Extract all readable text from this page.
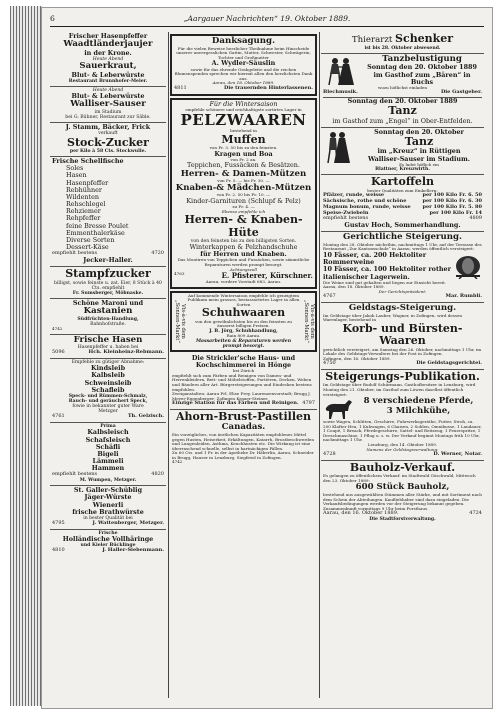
6	„Aargauer Nachrichten“ 19. Oktober 1889.
Frischer Hasenpfeffer
Waadtländerjaujer
in der Krone.
Heute Abend
Sauerkraut,
Blut- & Leberwürste
Restaurant Brunnhofer-Meier.
Heute Abend
Blut- & Leberwürste
Walliser-Sauser
im Stadium
bei G. Bühner, Restaurant zur Säble.
J. Stamm, Bäcker, Frick
verkauft
Stock-Zucker
per Kilo à 58 Cts. Stockwulle.
Frische Schellfische
Soles
Hasen
Hasenpfeffer
Rebhühner
Wildenten
Rehschlegel
Rehziemer
Rehpfeffer
feine Bresse Poulet
Emmenthalerkäse
Diverse Sorten
Dessert-Käse
empfiehlt bestens	4720
Jecker-Haller.
Stampfzucker
billigst, sowie feinste u. zat. Eier, 8 Stück à 40 Cts. empfiehlt
Fr. Sumsberger, Möbnaske.
Schöne Maroni und
Kastanien
Südfrüchten-Handlung,
Bahnhofstraße.
4742
Frische Hasen
Hasenpfeffer u. haben bei
5096	Hch. Kleinheinz-Rebmann.
Empfehle zu gütiger Abnahme:
Kindsleib
Kalbsleib
Schweinsleib
Schafleib
Speck- und Rümmen-Schmalz,
Rauch- und geräuchert Speck,
fowie in bekannter guter Ware
Metzger
4761	Th. Gelzisch.
Prima
Kalbsleisch
Schafsleisch
Schäfli
Bigeli
Lämmeli
Hammen
empfiehlt bestens	4820
M. Wumpen, Metzger.
St. Galler-Schüblig
Jäger-Würste
Wienerli
frische Brathwürste
in bester Qualität bei
4795	J. Wattenberger, Metzger.
Frische
Holländische Vollhäringe
und Kieler Bücklinge
4810	J. Haller-Siebenmann.
Danksagung.
Für die vielen Beweise herzlicher Theilnahme beim Hinscheide unserer unvergesslichen Gattin, Mutter, Schwester, Schwägerin, Tochter und Großmutter
A. Wydler-Säuslin
sowie für das ehrende Grabgeleite und die reichen Blumenspenden sprechen wir hiermit allen den herzlichsten Dank aus.
Aarau, den 18. Oktober 1889.
4811	Die trauernden Hinterlassenen.
Für die Wintersaison
empfehle schönere und reichhaltigste sortirtes Lager in
PELZWAAREN
bestehend in
Muffen
von Fr. 3. 50 bis zu den feinsten.
Kragen und Boa
von Fr. 2 an.
Teppichen, Fussäcken & Besätzen.
Herren- & Damen-Mützen
von Fr. 5. — bis Fr. 30. —
Knaben-& Mädchen-Mützen
von Fr. 2. 50 bis Fr. 10. —
Kinder-Garnituren (Schlupf & Pelz)
zu Fr. 4. —
Ebenso empfehle ich
Herren- & Knaben-Hüte
von den feinsten bis zu den billigsten Sorten.
Winterkappen & Pelzhandschuhe
für Herren und Knaben.
Das Montiren von Teppichen und Fussäcken, sowie sämmtliche Reparaturen werden prompt besorgt.
Achtungsvoll
4763	E. Pfisterer, Kürschner.
Aarau, vordere Vorstadt 683, Aarau.
Vis-à-vis dem „Sonnen-Markt“	Vis-à-vis dem „Sonnen-Markt“
Auf kommende Wintersaison empfehle ich geneigtem Publikum mein grosses, bestassortirtes Lager in allen Sorten
Schuhwaaren
von den gewöhnlichsten bis zu den feinsten zu äusserst billigen Preisen.
J. B. Jörg, Schuhhandlung,
Rain 809 Aarau.
Massarbeiten & Reparaturen werden prompt besorgt.
Die Strickler'sche Haus- und Kochschimmerei in Hönge
bei Zürich
empfiehlt sich zum Färben und Reinigen von Damen- und Herrenkleidern, Bett- und Möbelstoffen, Portièren, Decken, Weben und Bändern aller Art. Bürgersteigerungen und Eindecken bestens empfohlen.
Zweiganstalten: Aarau Frl. Elise Frey, Laurenzenvorstadt; Brugg J. Meyer-Eggenberger; Zofingen Krauer-Steiner.
Einzige Station für das Färben und Reinigen. 4797
Ahorn-Brust-Pastillen
Canadas.
Ein vorzügliches, von ärztlichen Kapazitäten empfohlenes Mittel gegen Husten, Heiserkeit, Erkältungen, Katarrh, Brustbeschwerden und Lungenleiden, Asthma, Keuchhusten etc. Die Wirkung ist eine überraschend schnelle, selbst in hartnäckigen Fällen.
Zu 60 Cts. und 1 Fr. in der Apotheke Dr. Häberlin, Aarau, Schneider in Brugg, Hauser in Lenzburg, Siegfried in Zofingen.
4742
Thierarzt Schenker
ist bis 28. Oktober abwesend.
Tanzbelustigung
Sonntag den 20. Oktober 1889
im Gasthof zum „Bären“ in Buchs
wozu höflichst einladen
Blechmusik.	Die Gastgeber.
Sonntag den 20. Oktober 1889
Tanz
im Gasthof zum „Engel“ in Ober-Entfelden.
Sonntag den 20. Oktober
Tanz
im „Kreuz“ in Rüttigen
Walliser-Sauser im Stadium.
Es ladet höflich ein
Blattner, Kreuzwirth.
Kartoffeln
bester Qualitäten zum Einkellern:
Pfälzer, runde, weisse	per 100 Kilo Fr. 6. 50
Sächsische, rothe und schöne	per 100 Kilo Fr. 6. 30
Magnum bonum, runde, weisse per 100 Kilo Fr. 5. 80
Speise-Zwiebeln	per 100 Kilo Fr. 14
empfiehlt bestens	4809
Gustav Hoch, Sommerhandlung.
Gerichtliche Steigerung.
Montag den 28. Oktober nächsthin, nachmittags 1 Uhr, auf der Terrasse des Restaurant „Zur Kantonsschule“ in Aarau, werden öffentlich versteigert:
10 Fässer, ca. 200 Hektoliter Rommerweine
10 Fässer, ca. 100 Hektoliter rother italienischer Lagerwein.
Die Weine sind gut gehalten und liegen zur Einsicht bereit.
Aarau, den 18. Oktober 1889.
Der Gerichtspräsident:
4767	Mar. Rumbli.
Geldstags-Steigerung.
Im Geldstage über Jakob Lauber, Wagner, in Zofingen, wird dessen Warenlager, bestehend in
Korb- und Bürsten-Waaren
gerichtlich versteigert, am Samstag den 26. Oktober, nachmittags 1 Uhr, im Lokale des Geldstags-Verwalters bei der Post in Zofingen.
Zofingen, den 16. Oktober 1889.
4750	Die Geldstagsgerichtei.
Steigerungs-Publikation.
Im Geldstage über Rudolf Schürmann, Gasthofbesitzer in Lenzburg, wird Montag den 21. Oktober, im Gasthof zum Löwen daselbst öffentlich versteigert:
8 verschiedene Pferde,
3 Milchkühe,
sowie Wagen, Schlitten, Geschirre, Fuhrwerksgeräthe, Futter, Stroh, ca. 200 Klafter Heu, 1 Kuhwagen, 6 Chaisen, 2 Sohlen, Omnibusse, 1 Landauer, 1 Coupé, 1 Breack, Pferdegeschirre, Sattel- und Reitzeug, 1 Feuerspritze, 1 Dreschmaschine, 1 Pflug u. s. w. Der Verkauf beginnt Montags früh 10 Uhr, nachmittags 1 Uhr.
Lenzburg, den 14. Oktober 1889.
Namens der Geldstagsverwaltung:
4728	D. Werner, Notar.
Bauholz-Verkauf.
Es gelangen zu öffentlichem Verkauf: im Stadtwald Göschwald, Mittwoch den 23. Oktober 1889:
600 Stück Bauholz,
bestehend aus ausgewählten Stämmen aller Stärke, und mit Sortiment nach dem Schein der Abteilungen. Kaufliebhaber sind dazu eingeladen. Die Verkaufsbedingungen werden vor der Steigerung bekannt gegeben.
Zusammenkunft vormittags 9 Uhr beim Forsthaus.
Aarau, den 16. Oktober 1889.	4724
Die Stadtforstverwaltung.
